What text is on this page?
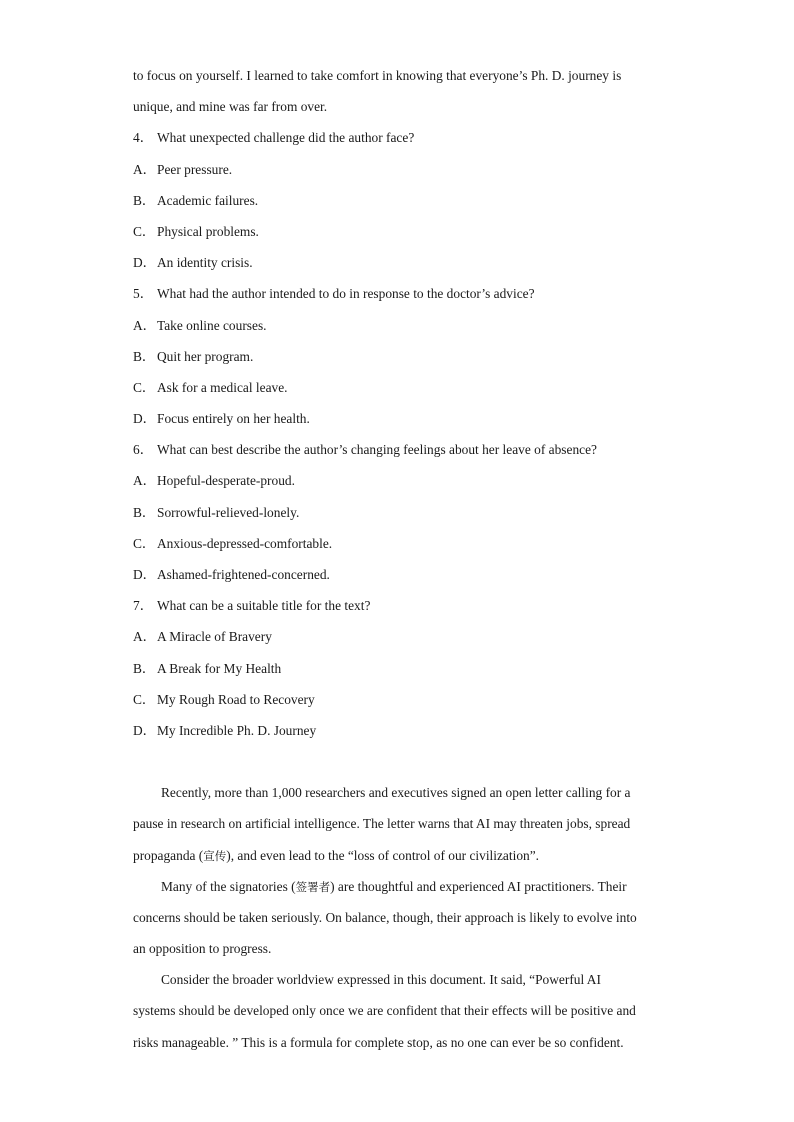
to focus on yourself. I learned to take comfort in knowing that everyone’s Ph. D. journey is
unique, and mine was far from over.
4． What unexpected challenge did the author face?
A．Peer pressure.
B． Academic failures.
C． Physical problems.
D．An identity crisis.
5． What had the author intended to do in response to the doctor’s advice?
A．Take online courses.
B． Quit her program.
C． Ask for a medical leave.
D．Focus entirely on her health.
6． What can best describe the author’s changing feelings about her leave of absence?
A．Hopeful-desperate-proud.
B． Sorrowful-relieved-lonely.
C． Anxious-depressed-comfortable.
D．Ashamed-frightened-concerned.
7． What can be a suitable title for the text?
A．A Miracle of Bravery
B． A Break for My Health
C． My Rough Road to Recovery
D．My Incredible Ph. D. Journey
Recently, more than 1,000 researchers and executives signed an open letter calling for a
pause in research on artificial intelligence. The letter warns that AI may threaten jobs, spread
propaganda (宣传), and even lead to the “loss of control of our civilization”.
Many of the signatories (签署者) are thoughtful and experienced AI practitioners. Their
concerns should be taken seriously. On balance, though, their approach is likely to evolve into
an opposition to progress.
Consider the broader worldview expressed in this document. It said, “Powerful AI
systems should be developed only once we are confident that their effects will be positive and
risks manageable. ” This is a formula for complete stop, as no one can ever be so confident.
